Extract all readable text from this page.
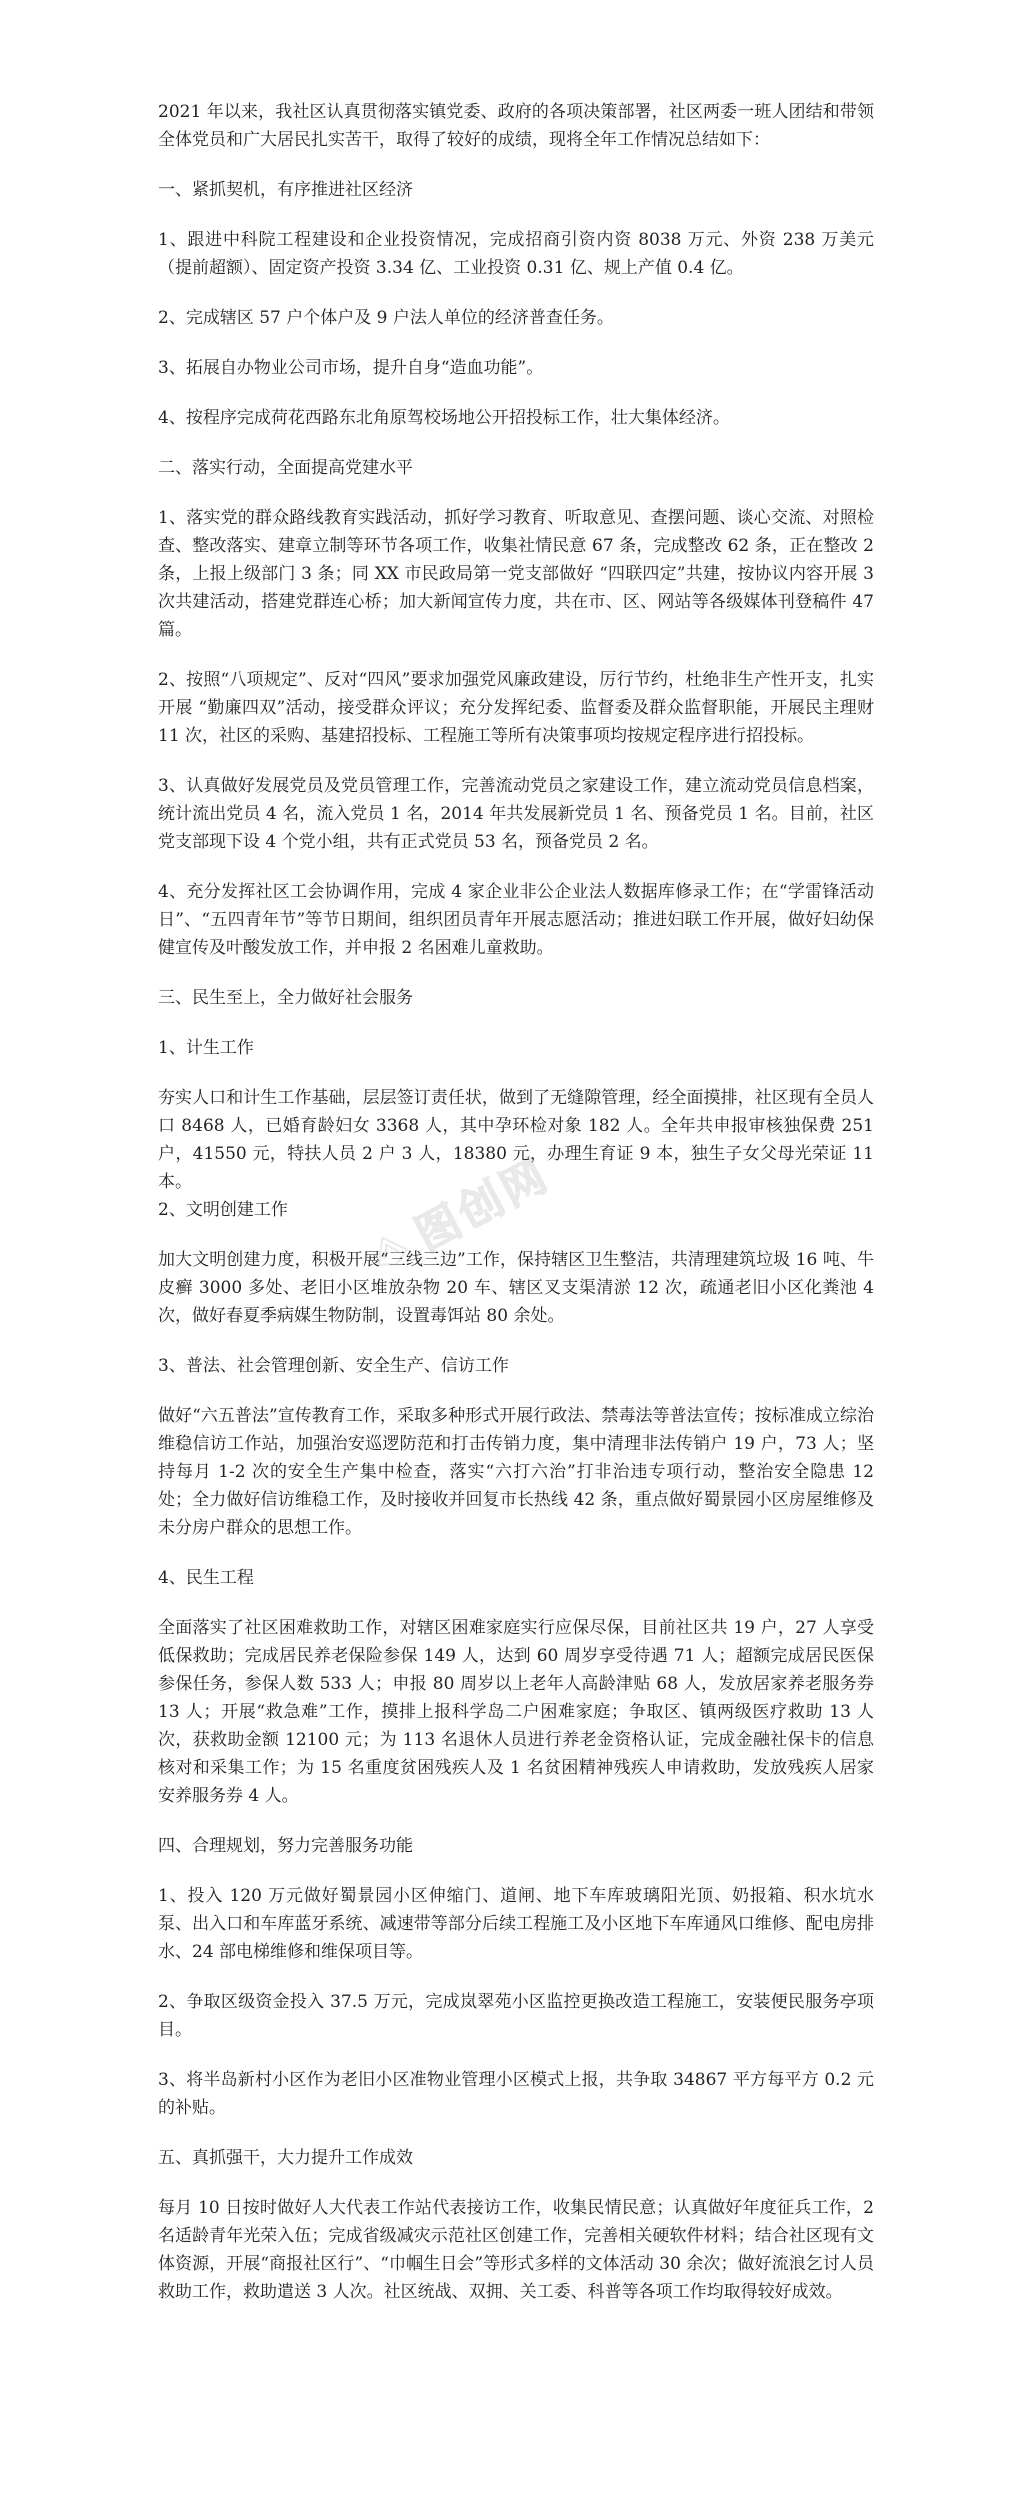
2021 年以来，我社区认真贯彻落实镇党委、政府的各项决策部署，社区两委一班人团结和带领全体党员和广大居民扎实苦干，取得了较好的成绩，现将全年工作情况总结如下：
一、紧抓契机，有序推进社区经济
1、跟进中科院工程建设和企业投资情况，完成招商引资内资 8038 万元、外资 238 万美元（提前超额）、固定资产投资 3.34 亿、工业投资 0.31 亿、规上产值 0.4 亿。
2、完成辖区 57 户个体户及 9 户法人单位的经济普查任务。
3、拓展自办物业公司市场，提升自身“造血功能”。
4、按程序完成荷花西路东北角原驾校场地公开招投标工作，壮大集体经济。
二、落实行动，全面提高党建水平
1、落实党的群众路线教育实践活动，抓好学习教育、听取意见、查摆问题、谈心交流、对照检查、整改落实、建章立制等环节各项工作，收集社情民意 67 条，完成整改 62 条，正在整改 2 条，上报上级部门 3 条；同 XX 市民政局第一党支部做好 “四联四定”共建，按协议内容开展 3 次共建活动，搭建党群连心桥；加大新闻宣传力度，共在市、区、网站等各级媒体刊登稿件 47 篇。
2、按照“八项规定”、反对“四风”要求加强党风廉政建设，厉行节约，杜绝非生产性开支，扎实开展 “勤廉四双”活动，接受群众评议；充分发挥纪委、监督委及群众监督职能，开展民主理财 11 次，社区的采购、基建招投标、工程施工等所有决策事项均按规定程序进行招投标。
3、认真做好发展党员及党员管理工作，完善流动党员之家建设工作，建立流动党员信息档案，统计流出党员 4 名，流入党员 1 名，2014 年共发展新党员 1 名、预备党员 1 名。目前，社区党支部现下设 4 个党小组，共有正式党员 53 名，预备党员 2 名。
4、充分发挥社区工会协调作用，完成 4 家企业非公企业法人数据库修录工作；在“学雷锋活动日”、“五四青年节”等节日期间，组织团员青年开展志愿活动；推进妇联工作开展，做好妇幼保健宣传及叶酸发放工作，并申报 2 名困难儿童救助。
三、民生至上，全力做好社会服务
1、计生工作
夯实人口和计生工作基础，层层签订责任状，做到了无缝隙管理，经全面摸排，社区现有全员人口 8468 人，已婚育龄妇女 3368 人，其中孕环检对象 182 人。全年共申报审核独保费 251户，41550 元，特扶人员 2 户 3 人，18380 元，办理生育证 9 本，独生子女父母光荣证 11 本。
2、文明创建工作
加大文明创建力度，积极开展“三线三边”工作，保持辖区卫生整洁，共清理建筑垃圾 16 吨、牛皮癣 3000 多处、老旧小区堆放杂物 20 车、辖区叉支渠清淤 12 次，疏通老旧小区化粪池 4 次，做好春夏季病媒生物防制，设置毒饵站 80 余处。
3、普法、社会管理创新、安全生产、信访工作
做好“六五普法”宣传教育工作，采取多种形式开展行政法、禁毒法等普法宣传；按标准成立综治维稳信访工作站，加强治安巡逻防范和打击传销力度，集中清理非法传销户 19 户，73 人；坚持每月 1-2 次的安全生产集中检查，落实“六打六治”打非治违专项行动，整治安全隐患 12 处；全力做好信访维稳工作，及时接收并回复市长热线 42 条，重点做好蜀景园小区房屋维修及未分房户群众的思想工作。
4、民生工程
全面落实了社区困难救助工作，对辖区困难家庭实行应保尽保，目前社区共 19 户，27 人享受低保救助；完成居民养老保险参保 149 人，达到 60 周岁享受待遇 71 人；超额完成居民医保参保任务，参保人数 533 人；申报 80 周岁以上老年人高龄津贴 68 人，发放居家养老服务券 13 人；开展“救急难”工作，摸排上报科学岛二户困难家庭；争取区、镇两级医疗救助 13 人次，获救助金额 12100 元；为 113 名退休人员进行养老金资格认证，完成金融社保卡的信息核对和采集工作；为 15 名重度贫困残疾人及 1 名贫困精神残疾人申请救助，发放残疾人居家安养服务券 4 人。
四、合理规划，努力完善服务功能
1、投入 120 万元做好蜀景园小区伸缩门、道闸、地下车库玻璃阳光顶、奶报箱、积水坑水泵、出入口和车库蓝牙系统、减速带等部分后续工程施工及小区地下车库通风口维修、配电房排水、24 部电梯维修和维保项目等。
2、争取区级资金投入 37.5 万元，完成岚翠苑小区监控更换改造工程施工，安装便民服务亭项目。
3、将半岛新村小区作为老旧小区准物业管理小区模式上报，共争取 34867 平方每平方 0.2 元的补贴。
五、真抓强干，大力提升工作成效
每月 10 日按时做好人大代表工作站代表接访工作，收集民情民意；认真做好年度征兵工作，2 名适龄青年光荣入伍；完成省级减灾示范社区创建工作，完善相关硬软件材料；结合社区现有文体资源，开展“商报社区行”、“巾帼生日会”等形式多样的文体活动 30 余次；做好流浪乞讨人员救助工作，救助遣送 3 人次。社区统战、双拥、关工委、科普等各项工作均取得较好成效。
图创网
